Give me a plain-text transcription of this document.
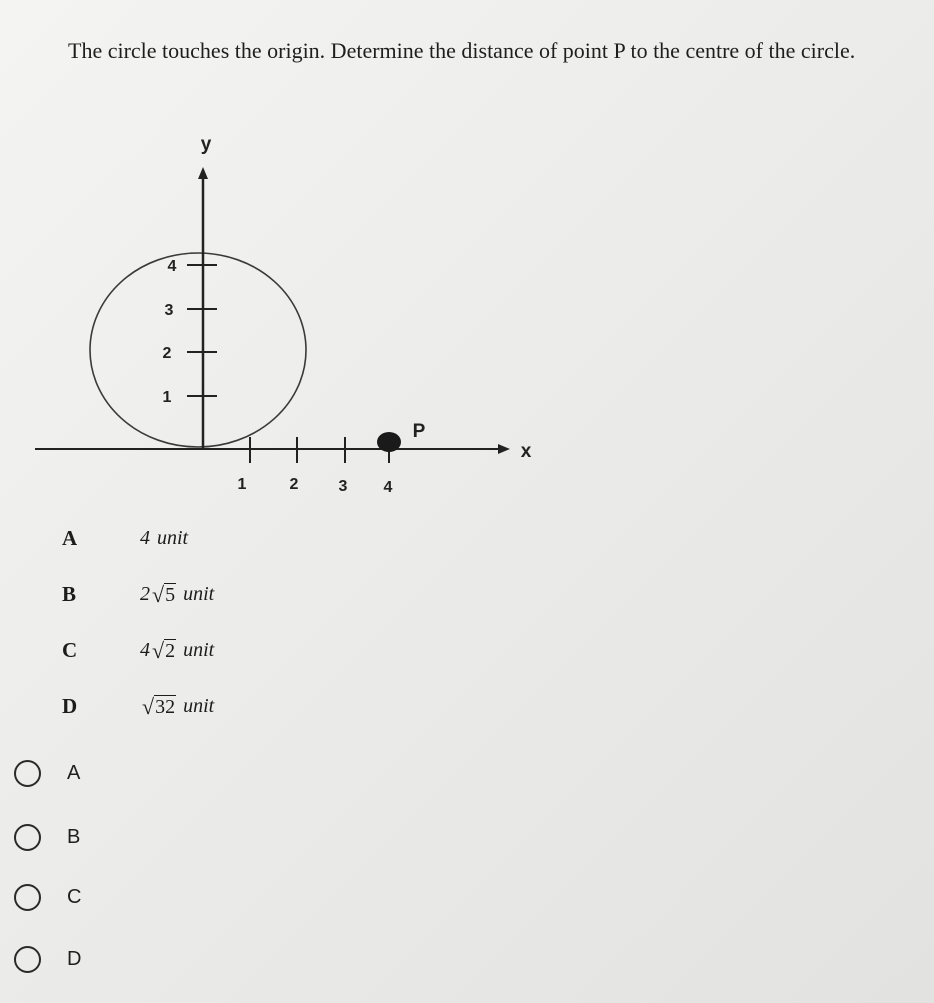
The circle touches the origin. Determine the distance of point P to the centre of the circle.
y
x
P
1
2
3
4
1	2	3 4
A	4 unit
B	2 √ 5 unit
C	4 √ 2 unit
D	√ 32 unit
A
B
C
D
